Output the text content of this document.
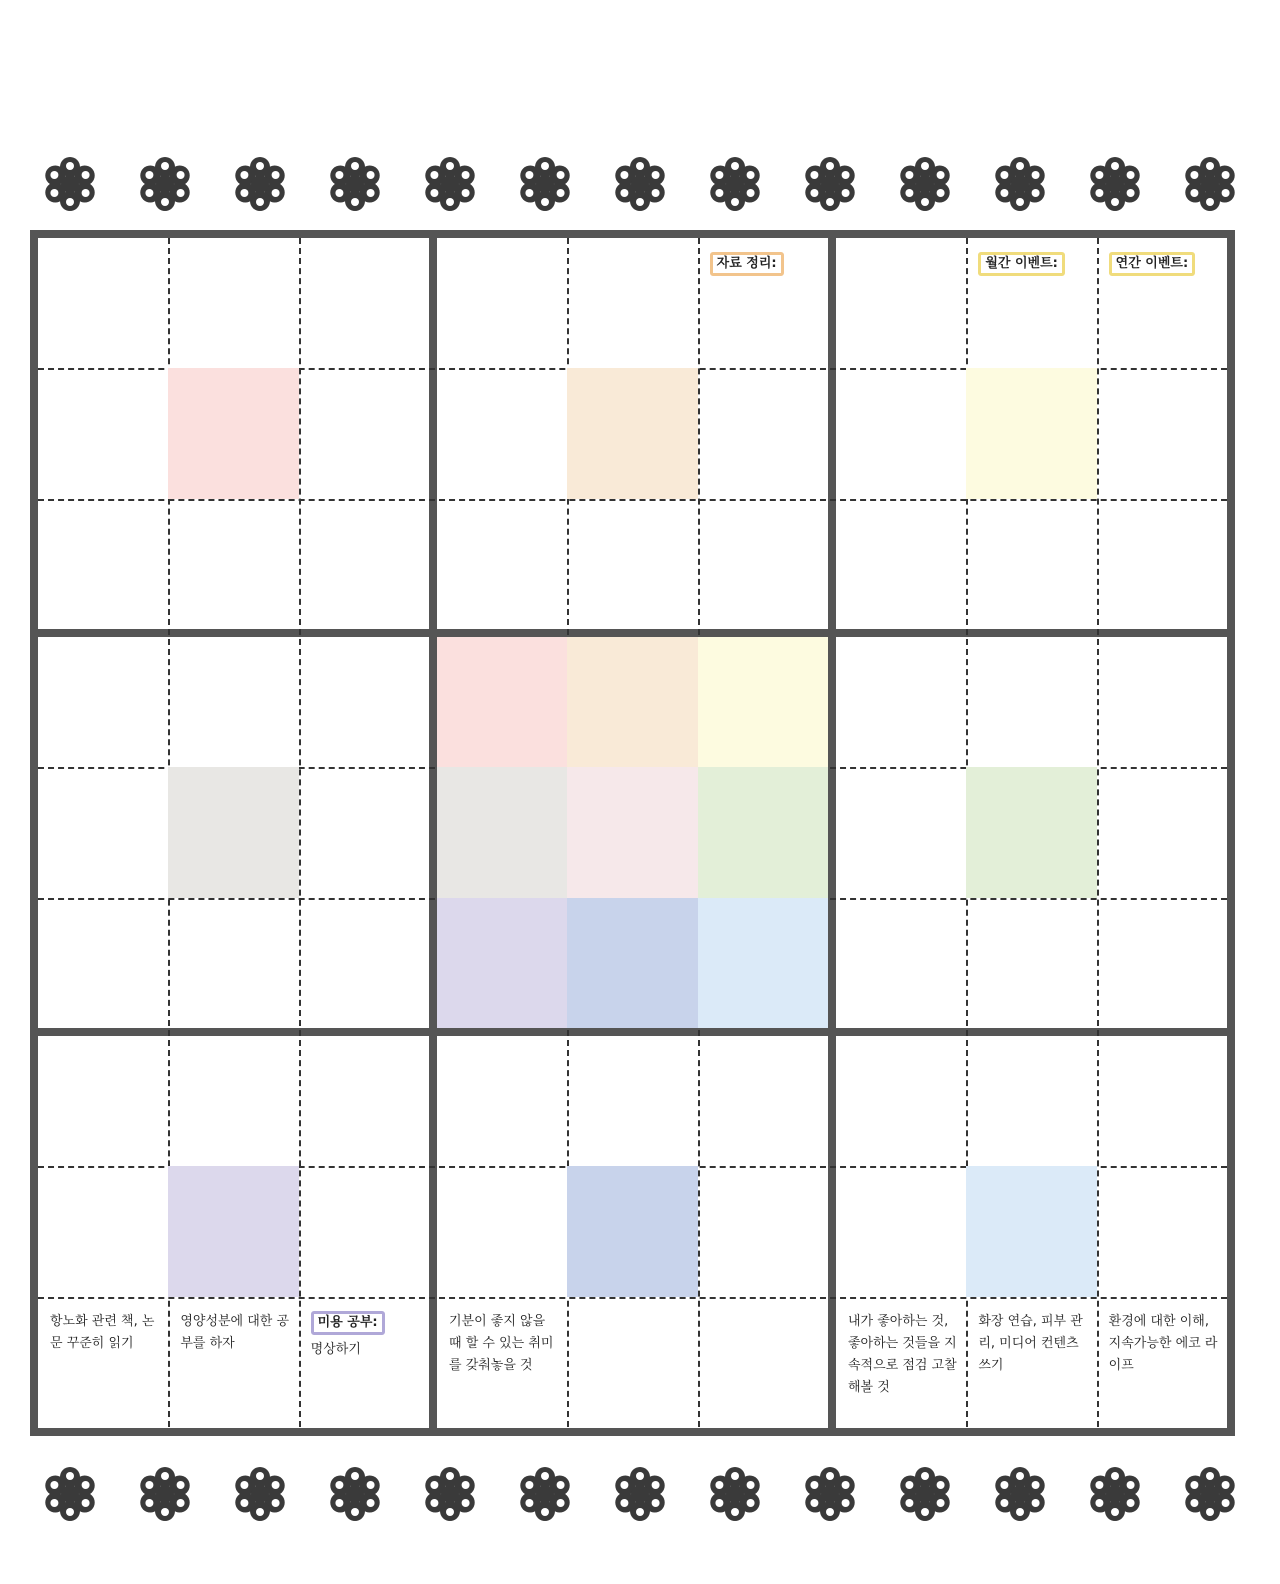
자료 정리:	월간 이벤트:	연간 이벤트:
항노화 관련 책, 논문 꾸준히 읽기
영양성분에 대한 공부를 하자
미용 공부:
명상하기
기분이 좋지 않을 때 할 수 있는 취미를 갖춰놓을 것
내가 좋아하는 것, 좋아하는 것들을 지속적으로 점검 고찰해볼 것
화장 연습, 피부 관리, 미디어 컨텐츠 쓰기
환경에 대한 이해, 지속가능한 에코 라이프
